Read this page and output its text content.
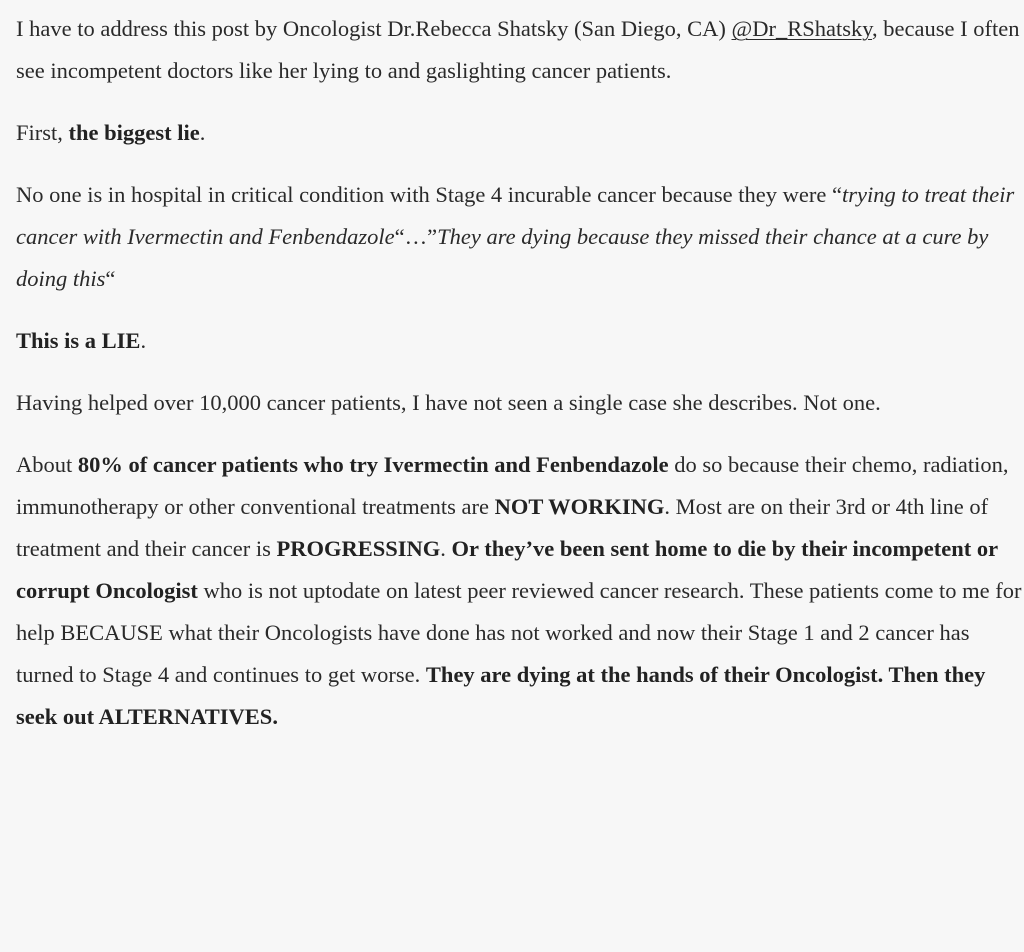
I have to address this post by Oncologist Dr.Rebecca Shatsky (San Diego, CA) @Dr_RShatsky, because I often see incompetent doctors like her lying to and gaslighting cancer patients.

First, the biggest lie.

No one is in hospital in critical condition with Stage 4 incurable cancer because they were “trying to treat their cancer with Ivermectin and Fenbendazole“…”They are dying because they missed their chance at a cure by doing this“

This is a LIE.

Having helped over 10,000 cancer patients, I have not seen a single case she describes. Not one.

About 80% of cancer patients who try Ivermectin and Fenbendazole do so because their chemo, radiation, immunotherapy or other conventional treatments are NOT WORKING. Most are on their 3rd or 4th line of treatment and their cancer is PROGRESSING. Or they’ve been sent home to die by their incompetent or corrupt Oncologist who is not uptodate on latest peer reviewed cancer research. These patients come to me for help BECAUSE what their Oncologists have done has not worked and now their Stage 1 and 2 cancer has turned to Stage 4 and continues to get worse. They are dying at the hands of their Oncologist. Then they seek out ALTERNATIVES.
